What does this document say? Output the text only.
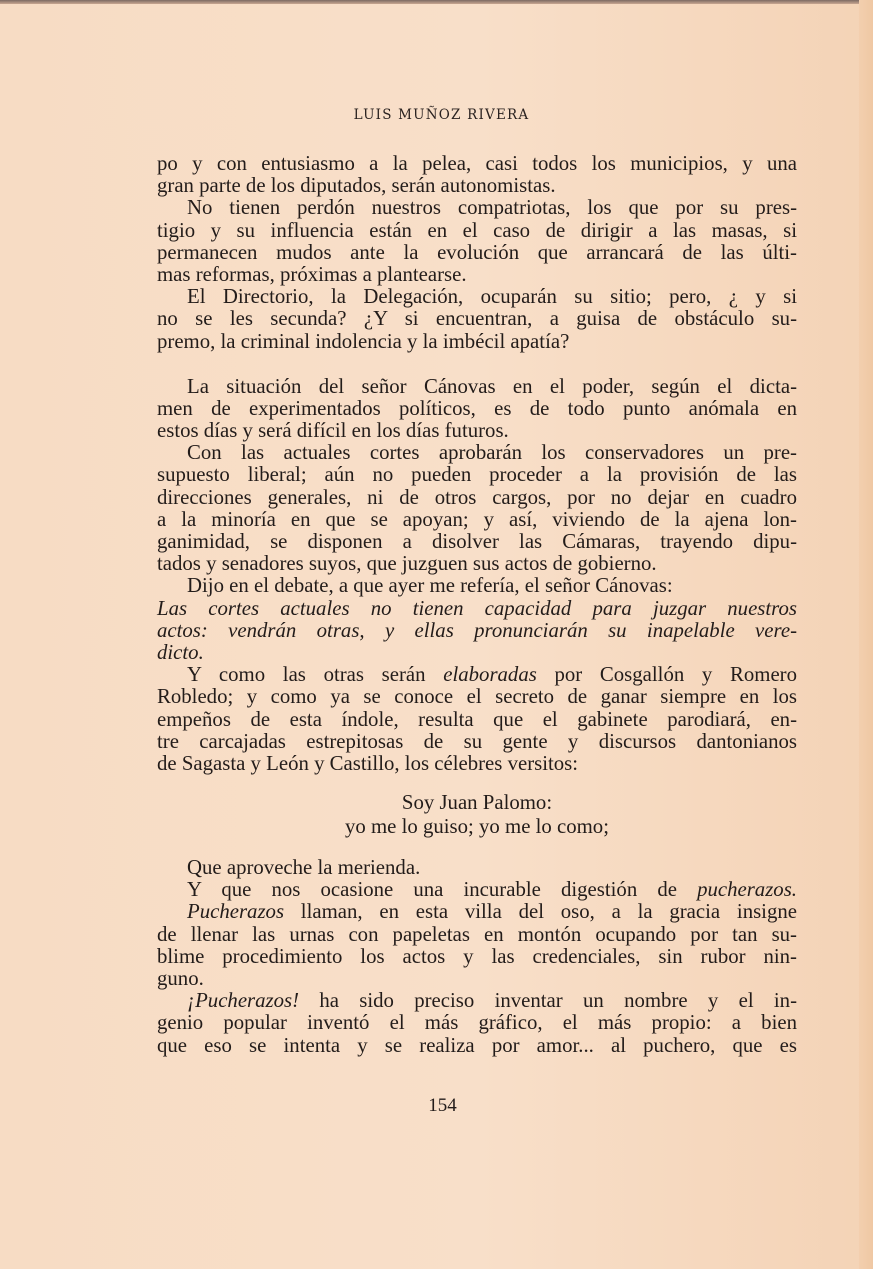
LUIS MUÑOZ RIVERA
po y con entusiasmo a la pelea, casi todos los municipios, y una
gran parte de los diputados, serán autonomistas.
No tienen perdón nuestros compatriotas, los que por su pres-
tigio y su influencia están en el caso de dirigir a las masas, si
permanecen mudos ante la evolución que arrancará de las últi-
mas reformas, próximas a plantearse.
El Directorio, la Delegación, ocuparán su sitio; pero, ¿ y si
no se les secunda? ¿Y si encuentran, a guisa de obstáculo su-
premo, la criminal indolencia y la imbécil apatía?
La situación del señor Cánovas en el poder, según el dicta-
men de experimentados políticos, es de todo punto anómala en
estos días y será difícil en los días futuros.
Con las actuales cortes aprobarán los conservadores un pre-
supuesto liberal; aún no pueden proceder a la provisión de las
direcciones generales, ni de otros cargos, por no dejar en cuadro
a la minoría en que se apoyan; y así, viviendo de la ajena lon-
ganimidad, se disponen a disolver las Cámaras, trayendo dipu-
tados y senadores suyos, que juzguen sus actos de gobierno.
Dijo en el debate, a que ayer me refería, el señor Cánovas:
Las cortes actuales no tienen capacidad para juzgar nuestros
actos: vendrán otras, y ellas pronunciarán su inapelable vere-
dicto.
Y como las otras serán elaboradas por Cosgallón y Romero
Robledo; y como ya se conoce el secreto de ganar siempre en los
empeños de esta índole, resulta que el gabinete parodiará, en-
tre carcajadas estrepitosas de su gente y discursos dantonianos
de Sagasta y León y Castillo, los célebres versitos:
Soy Juan Palomo:
yo me lo guiso; yo me lo como;
Que aproveche la merienda.
Y que nos ocasione una incurable digestión de pucherazos.
Pucherazos llaman, en esta villa del oso, a la gracia insigne
de llenar las urnas con papeletas en montón ocupando por tan su-
blime procedimiento los actos y las credenciales, sin rubor nin-
guno.
¡Pucherazos! ha sido preciso inventar un nombre y el in-
genio popular inventó el más gráfico, el más propio: a bien
que eso se intenta y se realiza por amor... al puchero, que es
154
